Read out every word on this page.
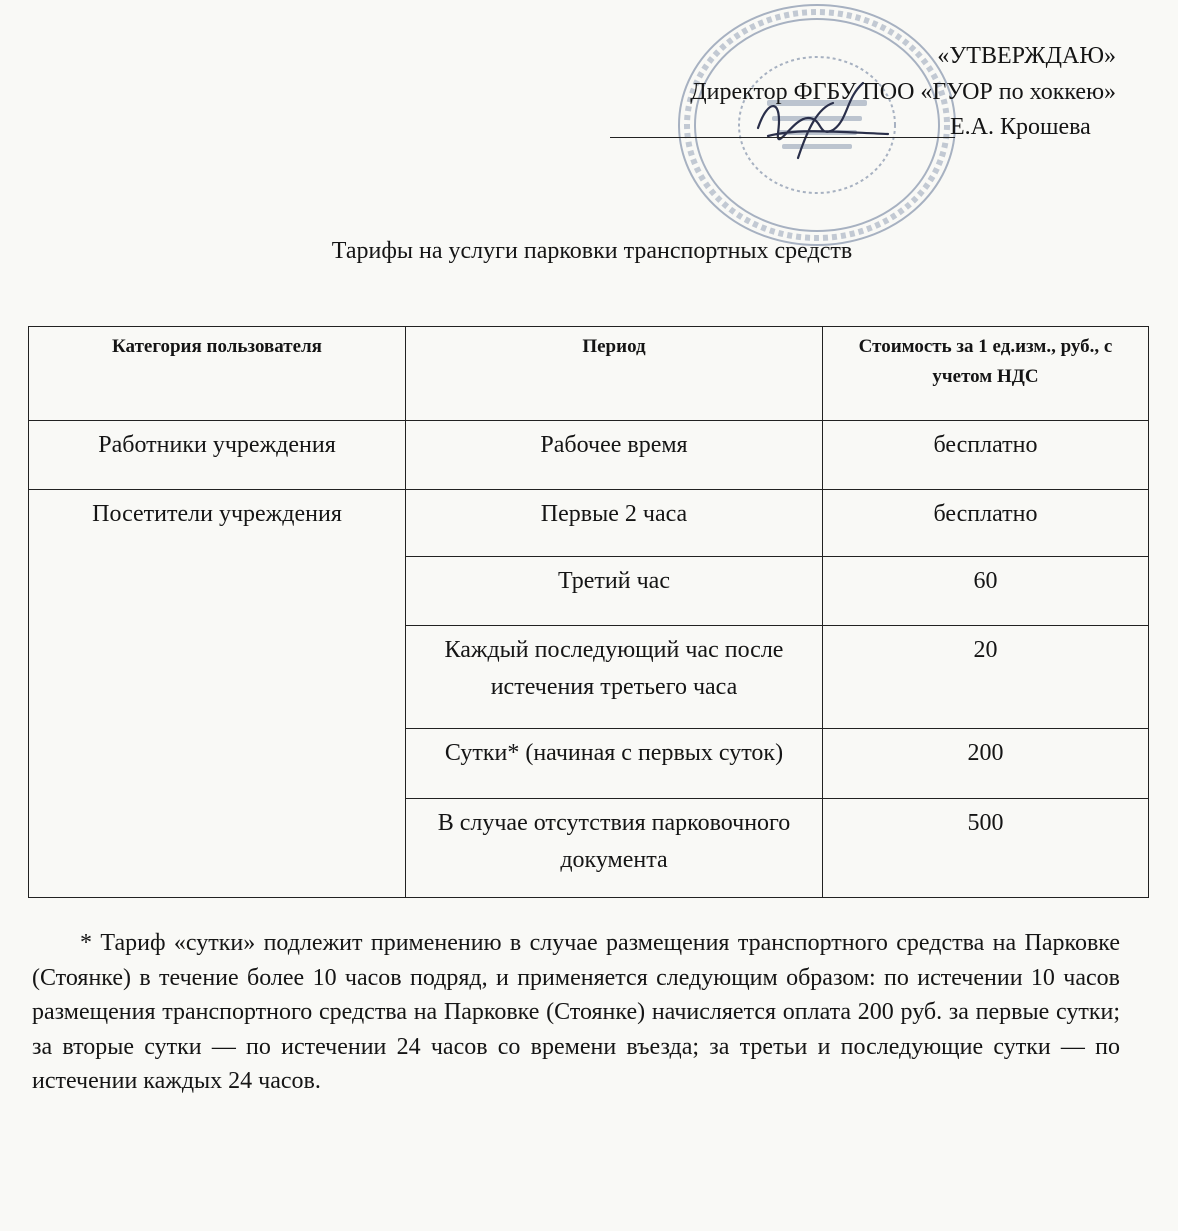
«УТВЕРЖДАЮ»
Директор ФГБУ ПОО «ГУОР по хоккею»
Е.А. Крошева
Тарифы на услуги парковки транспортных средств
Категория пользователя	Период	Стоимость за 1 ед.изм., руб., с учетом НДС
Работники учреждения	Рабочее время	бесплатно
Посетители учреждения	Первые 2 часа	бесплатно
	Третий час	60
	Каждый последующий час после истечения третьего часа	20
	Сутки* (начиная с первых суток)	200
	В случае отсутствия парковочного документа	500

* Тариф «сутки» подлежит применению в случае размещения транспортного средства на Парковке (Стоянке) в течение более 10 часов подряд, и применяется следующим образом: по истечении 10 часов размещения транспортного средства на Парковке (Стоянке) начисляется оплата 200 руб. за первые сутки; за вторые сутки — по истечении 24 часов со времени въезда; за третьи и последующие сутки — по истечении каждых 24 часов.
